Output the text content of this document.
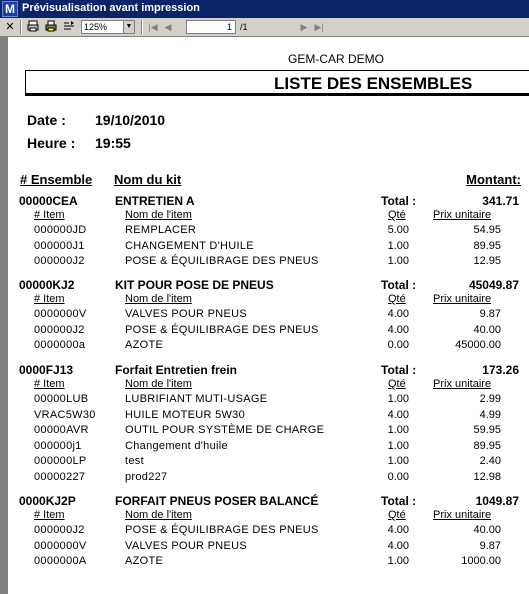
M Prévisualisation avant impression
✕	125%	▼ |◀ ◀	1 /1	▶ ▶|
GEM-CAR DEMO
LISTE DES ENSEMBLES
Date : 19/10/2010
Heure : 19:55
# Ensemble Nom du kit	Montant:
00000CEA	ENTRETIEN A	Total :	341.71
# Item	Nom de l'item	Qté Prix unitaire
000000JD	REMPLACER	5.00	54.95
000000J1	CHANGEMENT D'HUILE	1.00	89.95
000000J2	POSE & ÉQUILIBRAGE DES PNEUS	1.00	12.95
00000KJ2	KIT POUR POSE DE PNEUS	Total :	45049.87
# Item	Nom de l'item	Qté Prix unitaire
0000000V	VALVES POUR PNEUS	4.00	9.87
000000J2	POSE & ÉQUILIBRAGE DES PNEUS	4.00	40.00
0000000a	AZOTE	0.00	45000.00
0000FJ13	Forfait Entretien frein	Total :	173.26
# Item	Nom de l'item	Qté Prix unitaire
00000LUB	LUBRIFIANT MUTI-USAGE	1.00	2.99
VRAC5W30	HUILE MOTEUR 5W30	4.00	4.99
00000AVR	OUTIL POUR SYSTÈME DE CHARGE	1.00	59.95
000000j1	Changement d'huile	1.00	89.95
000000LP	test	1.00	2.40
00000227	prod227	0.00	12.98
0000KJ2P	FORFAIT PNEUS POSER BALANCÉ	Total :	1049.87
# Item	Nom de l'item	Qté Prix unitaire
000000J2	POSE & ÉQUILIBRAGE DES PNEUS	4.00	40.00
0000000V	VALVES POUR PNEUS	4.00	9.87
0000000A	AZOTE	1.00	1000.00
